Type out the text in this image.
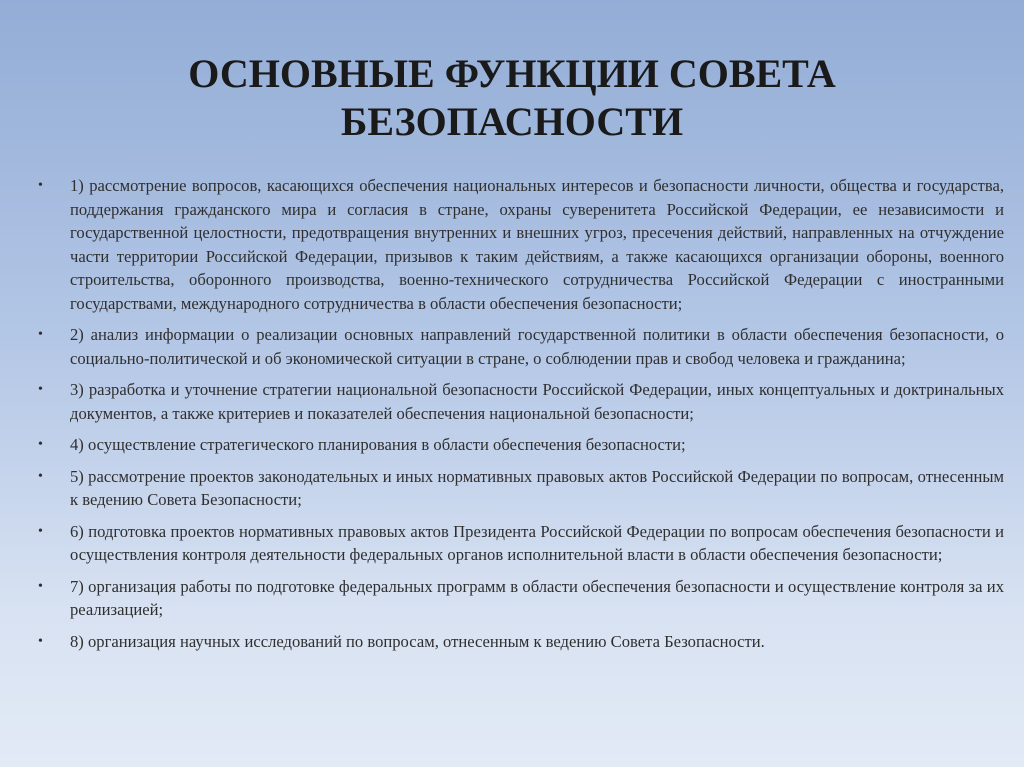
ОСНОВНЫЕ ФУНКЦИИ СОВЕТА
БЕЗОПАСНОСТИ
•	1) рассмотрение вопросов, касающихся обеспечения национальных интересов и безопасности личности, общества и государства, поддержания гражданского мира и согласия в стране, охраны суверенитета Российской Федерации, ее независимости и государственной целостности, предотвращения внутренних и внешних угроз, пресечения действий, направленных на отчуждение части территории Российской Федерации, призывов к таким действиям, а также касающихся организации обороны, военного строительства, оборонного производства, военно-технического сотрудничества Российской Федерации с иностранными государствами, международного сотрудничества в области обеспечения безопасности;
•	2) анализ информации о реализации основных направлений государственной политики в области обеспечения безопасности, о социально-политической и об экономической ситуации в стране, о соблюдении прав и свобод человека и гражданина;
•	3) разработка и уточнение стратегии национальной безопасности Российской Федерации, иных концептуальных и доктринальных документов, а также критериев и показателей обеспечения национальной безопасности;
•	4) осуществление стратегического планирования в области обеспечения безопасности;
•	5) рассмотрение проектов законодательных и иных нормативных правовых актов Российской Федерации по вопросам, отнесенным к ведению Совета Безопасности;
•	6) подготовка проектов нормативных правовых актов Президента Российской Федерации по вопросам обеспечения безопасности и осуществления контроля деятельности федеральных органов исполнительной власти в области обеспечения безопасности;
•	7) организация работы по подготовке федеральных программ в области обеспечения безопасности и осуществление контроля за их реализацией;
•	8) организация научных исследований по вопросам, отнесенным к ведению Совета Безопасности.
